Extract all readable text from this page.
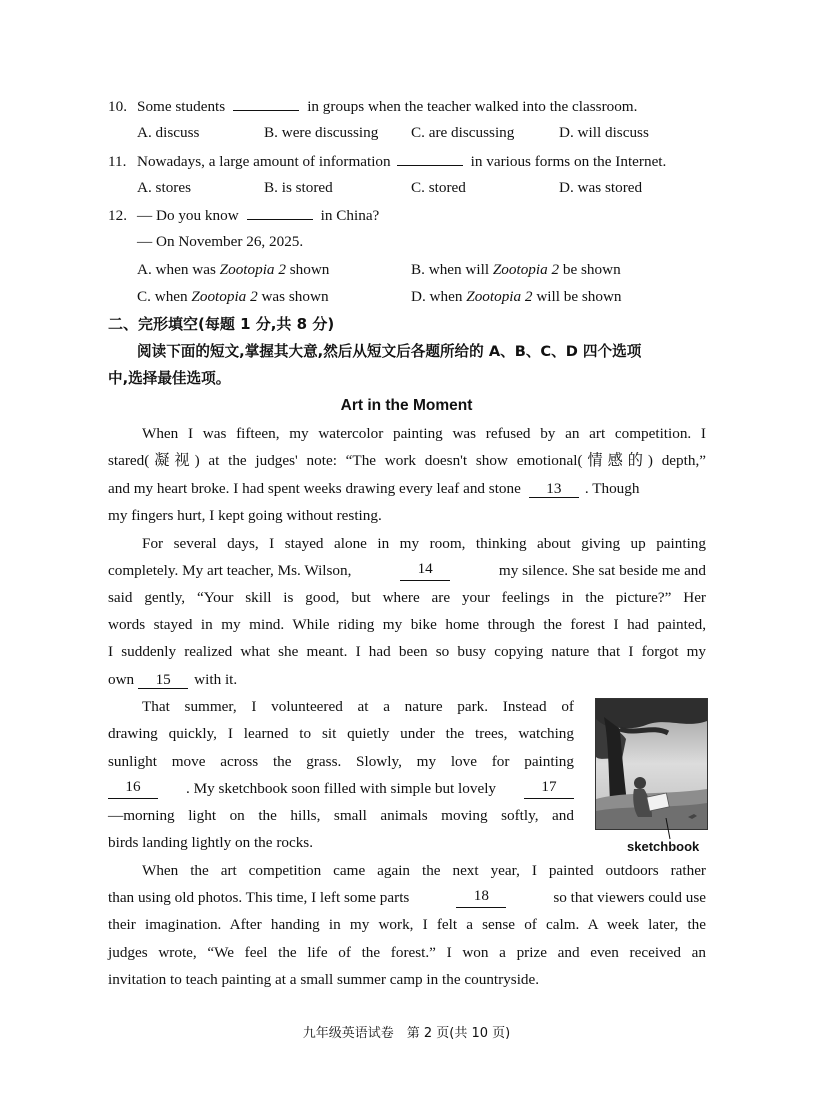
10. Some students	in groups when the teacher walked into the classroom.
A. discuss	B. were discussing C. are discussing	D. will discuss
11. Nowadays, a large amount of information	in various forms on the Internet.
A. stores	B. is stored	C. stored	D. was stored
12. — Do you know	in China?
— On November 26, 2025.
A. when was Zootopia 2 shown	B. when will Zootopia 2 be shown
C. when Zootopia 2 was shown	D. when Zootopia 2 will be shown
二、完形填空(每题 1 分,共 8 分)
阅读下面的短文,掌握其大意,然后从短文后各题所给的 A、B、C、D 四个选项
中,选择最佳选项。
Art in the Moment
When I was fifteen, my watercolor painting was refused by an art competition. I
stared(凝视) at the judges' note: “The work doesn't show emotional(情感的) depth,”
and my heart broke. I had spent weeks drawing every leaf and stone 13 . Though
my fingers hurt, I kept going without resting.
For several days, I stayed alone in my room, thinking about giving up painting
completely. My art teacher, Ms. Wilson,	14	my silence. She sat beside me and
said gently, “Your skill is good, but where are your feelings in the picture?” Her
words stayed in my mind. While riding my bike home through the forest I had painted,
I suddenly realized what she meant. I had been so busy copying nature that I forgot my
own 15 with it.
That summer, I volunteered at a nature park. Instead of
drawing quickly, I learned to sit quietly under the trees, watching
sunlight move across the grass. Slowly, my love for painting
16	. My sketchbook soon filled with simple but lovely	17
—morning light on the hills, small animals moving softly, and
birds landing lightly on the rocks.	sketchbook
When the art competition came again the next year, I painted outdoors rather
than using old photos. This time, I left some parts	18	so that viewers could use
their imagination. After handing in my work, I felt a sense of calm. A week later, the
judges wrote, “We feel the life of the forest.” I won a prize and even received an
invitation to teach painting at a small summer camp in the countryside.
九年级英语试卷　第 2 页(共 10 页)
